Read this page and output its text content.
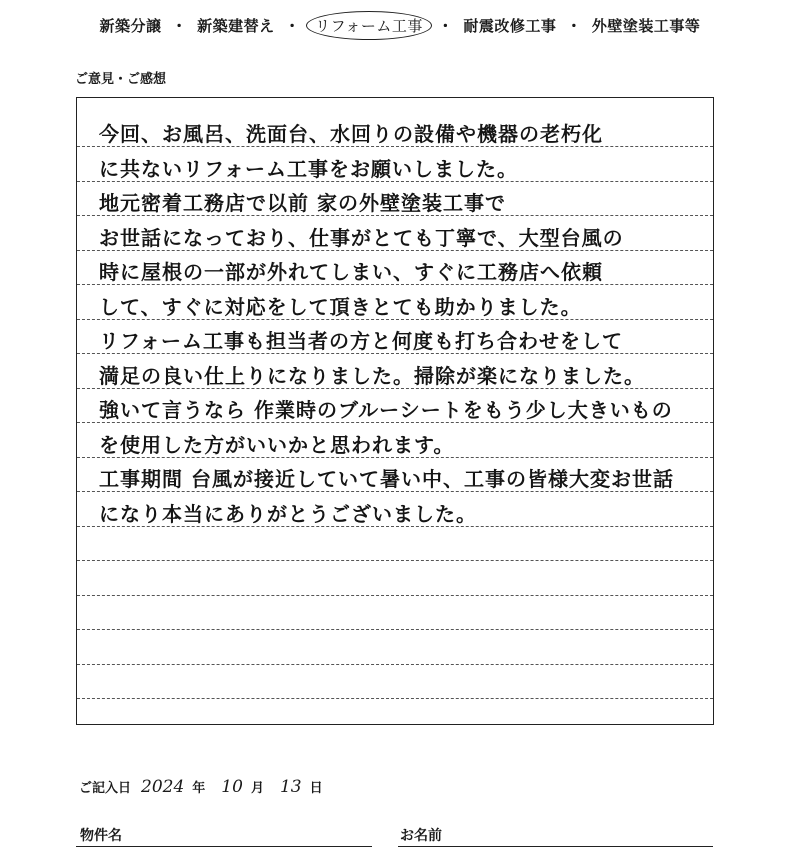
新築分譲 ・ 新築建替え ・	リフォーム工事	・ 耐震改修工事 ・ 外壁塗装工事等
ご意見・ご感想
今回、お風呂、洗面台、水回りの設備や機器の老朽化
に共ないリフォーム工事をお願いしました。
地元密着工務店で以前 家の外壁塗装工事で
お世話になっており、仕事がとても丁寧で、大型台風の
時に屋根の一部が外れてしまい、すぐに工務店へ依頼
して、すぐに対応をして頂きとても助かりました。
リフォーム工事も担当者の方と何度も打ち合わせをして
満足の良い仕上りになりました。掃除が楽になりました。
強いて言うなら 作業時のブルーシートをもう少し大きいもの
を使用した方がいいかと思われます。
工事期間 台風が接近していて暑い中、工事の皆様大変お世話
になり本当にありがとうございました。
ご記入日 2024 年 10 月 13 日
物件名	お名前
